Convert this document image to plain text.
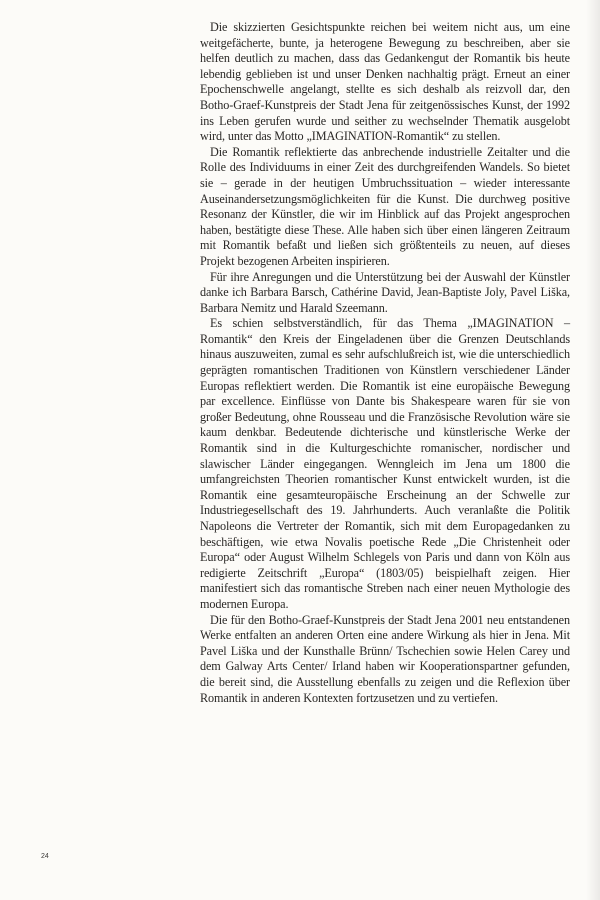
Die skizzierten Gesichtspunkte reichen bei weitem nicht aus, um eine weitgefächerte, bunte, ja heterogene Bewegung zu beschreiben, aber sie helfen deutlich zu machen, dass das Gedankengut der Romantik bis heute lebendig geblieben ist und unser Denken nachhaltig prägt. Erneut an einer Epochenschwelle angelangt, stellte es sich deshalb als reizvoll dar, den Botho-Graef-Kunstpreis der Stadt Jena für zeitgenössisches Kunst, der 1992 ins Leben gerufen wurde und seither zu wechselnder Thematik ausgelobt wird, unter das Motto „IMAGINATION-Romantik“ zu stellen.

Die Romantik reflektierte das anbrechende industrielle Zeitalter und die Rolle des Individuums in einer Zeit des durchgreifenden Wandels. So bietet sie – gerade in der heutigen Umbruchssituation – wieder interessante Auseinandersetzungsmöglichkeiten für die Kunst. Die durchweg positive Resonanz der Künstler, die wir im Hinblick auf das Projekt angesprochen haben, bestätigte diese These. Alle haben sich über einen längeren Zeitraum mit Romantik befaßt und ließen sich größtenteils zu neuen, auf dieses Projekt bezogenen Arbeiten inspirieren.

Für ihre Anregungen und die Unterstützung bei der Auswahl der Künstler danke ich Barbara Barsch, Cathérine David, Jean-Baptiste Joly, Pavel Liška, Barbara Nemitz und Harald Szeemann.

Es schien selbstverständlich, für das Thema „IMAGINATION – Romantik“ den Kreis der Eingeladenen über die Grenzen Deutschlands hinaus auszuweiten, zumal es sehr aufschlußreich ist, wie die unterschiedlich geprägten romantischen Traditionen von Künstlern verschiedener Länder Europas reflektiert werden. Die Romantik ist eine europäische Bewegung par excellence. Einflüsse von Dante bis Shakespeare waren für sie von großer Bedeutung, ohne Rousseau und die Französische Revolution wäre sie kaum denkbar. Bedeutende dichterische und künstlerische Werke der Romantik sind in die Kulturgeschichte romanischer, nordischer und slawischer Länder eingegangen. Wenngleich im Jena um 1800 die umfangreichsten Theorien romantischer Kunst entwickelt wurden, ist die Romantik eine gesamteuropäische Erscheinung an der Schwelle zur Industriegesellschaft des 19. Jahrhunderts. Auch veranlaßte die Politik Napoleons die Vertreter der Romantik, sich mit dem Europagedanken zu beschäftigen, wie etwa Novalis poetische Rede „Die Christenheit oder Europa“ oder August Wilhelm Schlegels von Paris und dann von Köln aus redigierte Zeitschrift „Europa“ (1803/05) beispielhaft zeigen. Hier manifestiert sich das romantische Streben nach einer neuen Mythologie des modernen Europa.

Die für den Botho-Graef-Kunstpreis der Stadt Jena 2001 neu entstandenen Werke entfalten an anderen Orten eine andere Wirkung als hier in Jena. Mit Pavel Liška und der Kunsthalle Brünn/ Tschechien sowie Helen Carey und dem Galway Arts Center/ Irland haben wir Kooperationspartner gefunden, die bereit sind, die Ausstellung ebenfalls zu zeigen und die Reflexion über Romantik in anderen Kontexten fortzusetzen und zu vertiefen.

24
